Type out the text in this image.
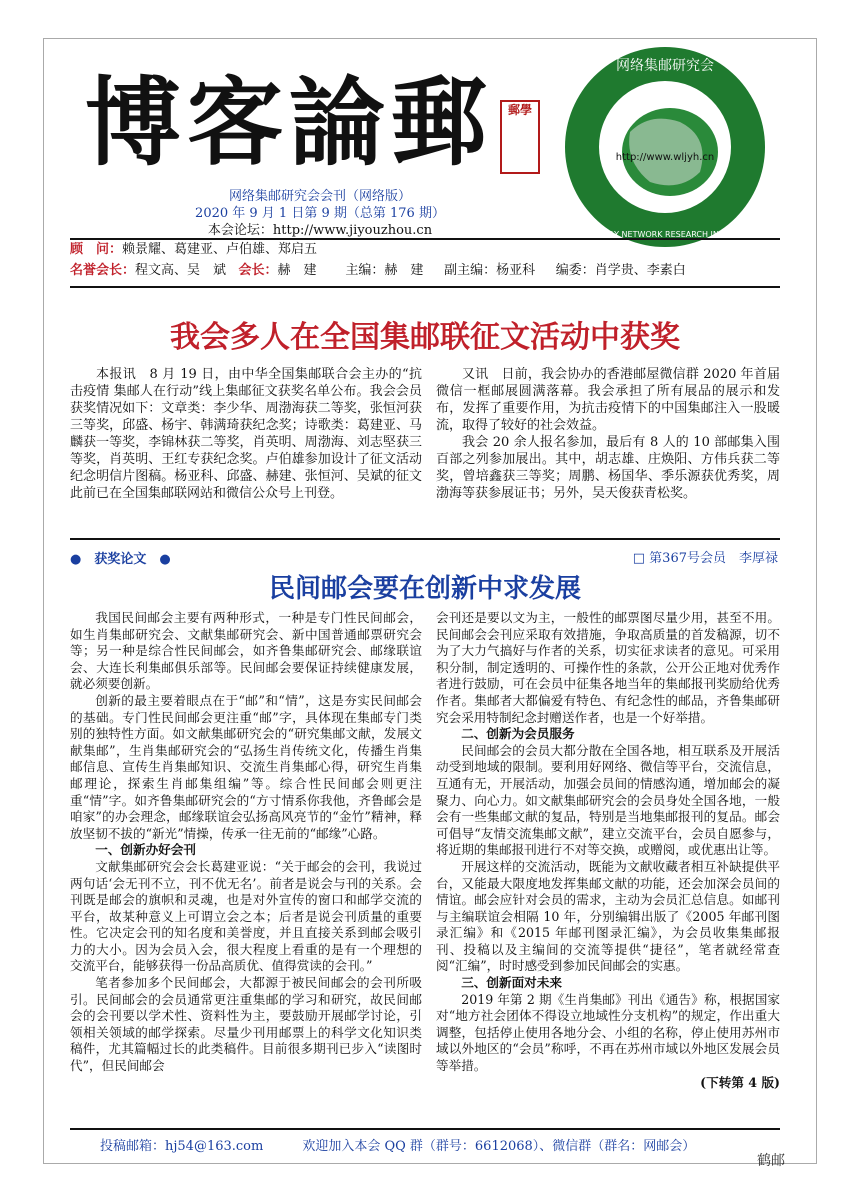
博客論郵	郵學
网络集邮研究会
http://www.wljyh.cn
PHILATELY NETWORK RESEARCH INSTITUTE
网络集邮研究会会刊（网络版）
2020 年 9 月 1 日第 9 期（总第 176 期）
本会论坛：http://www.jiyouzhou.cn
顾　问：赖景耀、葛建亚、卢伯雄、郑启五
名誉会长：程文高、吴　斌 会长：赫　建 主编：赫　建 副主编：杨亚科 编委：肖学贵、李素白
我会多人在全国集邮联征文活动中获奖

本报讯　8 月 19 日，由中华全国集邮联合会主办的“抗击疫情 集邮人在行动”线上集邮征文获奖名单公布。我会会员获奖情况如下：文章类：李少华、周渤海获二等奖，张恒河获三等奖，邱盛、杨宇、韩满琦获纪念奖；诗歌类：葛建亚、马麟获一等奖，李锦林获二等奖，肖英明、周渤海、刘志堅获三等奖，肖英明、王红专获纪念奖。卢伯雄参加设计了征文活动纪念明信片图稿。杨亚科、邱盛、赫建、张恒河、吴斌的征文此前已在全国集邮联网站和微信公众号上刊登。

又讯　日前，我会协办的香港邮屋微信群 2020 年首届微信一框邮展圆满落幕。我会承担了所有展品的展示和发布，发挥了重要作用，为抗击疫情下的中国集邮注入一股暖流，取得了较好的社会效益。

我会 20 余人报名参加，最后有 8 人的 10 部邮集入围百部之列参加展出。其中，胡志雄、庄焕阳、方伟兵获二等奖，曾培鑫获三等奖；周鹏、杨国华、季乐源获优秀奖，周渤海等获参展证书；另外，吴天俊获青松奖。

●　获奖论文　●	□ 第367号会员　李厚禄
民间邮会要在创新中求发展

我国民间邮会主要有两种形式，一种是专门性民间邮会，如生肖集邮研究会、文献集邮研究会、新中国普通邮票研究会等；另一种是综合性民间邮会，如齐鲁集邮研究会、邮缘联谊会、大连长利集邮俱乐部等。民间邮会要保证持续健康发展，就必须要创新。

创新的最主要着眼点在于“邮”和“情”，这是夯实民间邮会的基础。专门性民间邮会更注重“邮”字，具体现在集邮专门类别的独特性方面。如文献集邮研究会的“研究集邮文献，发展文献集邮”，生肖集邮研究会的“弘扬生肖传统文化，传播生肖集邮信息、宣传生肖集邮知识、交流生肖集邮心得，研究生肖集邮理论，探索生肖邮集组编”等。综合性民间邮会则更注重“情”字。如齐鲁集邮研究会的“方寸情系你我他，齐鲁邮会是咱家”的办会理念，邮缘联谊会弘扬高风亮节的“金竹”精神，释放坚韧不拔的“新光”情操，传承一往无前的“邮缘”心路。

一、创新办好会刊

文献集邮研究会会长葛建亚说：“关于邮会的会刊，我说过两句话‘会无刊不立，刊不优无名’。前者是说会与刊的关系。会刊既是邮会的旗帜和灵魂，也是对外宣传的窗口和邮学交流的平台，故某种意义上可谓立会之本；后者是说会刊质量的重要性。它决定会刊的知名度和美誉度，并且直接关系到邮会吸引力的大小。因为会员入会，很大程度上看重的是有一个理想的交流平台，能够获得一份品高质优、值得赏读的会刊。”

笔者参加多个民间邮会，大都源于被民间邮会的会刊所吸引。民间邮会的会员通常更注重集邮的学习和研究，故民间邮会的会刊要以学术性、资料性为主，要鼓励开展邮学讨论，引领相关领域的邮学探索。尽量少刊用邮票上的科学文化知识类稿件，尤其篇幅过长的此类稿件。目前很多期刊已步入“读图时代”，但民间邮会

会刊还是要以文为主，一般性的邮票图尽量少用，甚至不用。民间邮会会刊应采取有效措施，争取高质量的首发稿源，切不为了大力气搞好与作者的关系，切实征求读者的意见。可采用积分制，制定透明的、可操作性的条款，公开公正地对优秀作者进行鼓励，可在会员中征集各地当年的集邮报刊奖励给优秀作者。集邮者大都偏爱有特色、有纪念性的邮品，齐鲁集邮研究会采用特制纪念封赠送作者，也是一个好举措。

二、创新为会员服务

民间邮会的会员大都分散在全国各地，相互联系及开展活动受到地域的限制。要利用好网络、微信等平台，交流信息，互通有无，开展活动，加强会员间的情感沟通，增加邮会的凝聚力、向心力。如文献集邮研究会的会员身处全国各地，一般会有一些集邮文献的复品，特别是当地集邮报刊的复品。邮会可倡导“友情交流集邮文献”，建立交流平台，会员自愿参与，将近期的集邮报刊进行不对等交换，或赠阅，或优惠出让等。

开展这样的交流活动，既能为文献收藏者相互补缺提供平台，又能最大限度地发挥集邮文献的功能，还会加深会员间的情谊。邮会应针对会员的需求，主动为会员汇总信息。如邮刊与主编联谊会相隔 10 年，分别编辑出版了《2005 年邮刊图录汇编》和《2015 年邮刊图录汇编》，为会员收集集邮报刊、投稿以及主编间的交流等提供“捷径”，笔者就经常查阅“汇编”，时时感受到参加民间邮会的实惠。

三、创新面对未来

2019 年第 2 期《生肖集邮》刊出《通告》称，根据国家对“地方社会团体不得设立地域性分支机构”的规定，作出重大调整，包括停止使用各地分会、小组的名称，停止使用苏州市域以外地区的“会员”称呼，不再在苏州市域以外地区发展会员等举措。

(下转第 4 版)

投稿邮箱：hj54@163.com　　　欢迎加入本会 QQ 群（群号：6612068）、微信群（群名：网邮会）
鹤邮
